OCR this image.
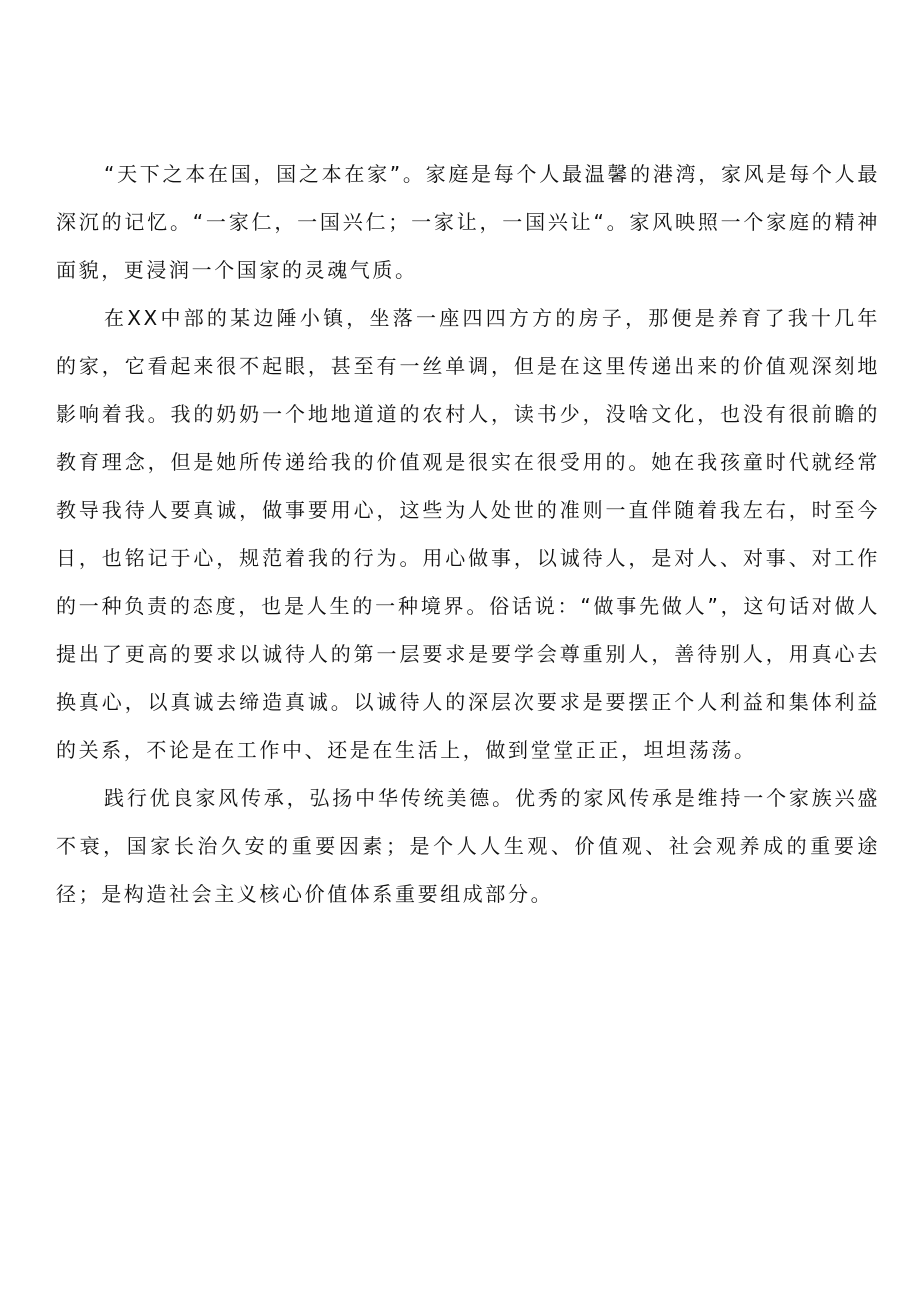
“天下之本在国，国之本在家”。家庭是每个人最温馨的港湾，家风是每个人最深沉的记忆。“一家仁，一国兴仁；一家让，一国兴让“。家风映照一个家庭的精神面貌，更浸润一个国家的灵魂气质。

在XX中部的某边陲小镇，坐落一座四四方方的房子，那便是养育了我十几年的家，它看起来很不起眼，甚至有一丝单调，但是在这里传递出来的价值观深刻地影响着我。我的奶奶一个地地道道的农村人，读书少，没啥文化，也没有很前瞻的教育理念，但是她所传递给我的价值观是很实在很受用的。她在我孩童时代就经常教导我待人要真诚，做事要用心，这些为人处世的准则一直伴随着我左右，时至今日，也铭记于心，规范着我的行为。用心做事，以诚待人，是对人、对事、对工作的一种负责的态度，也是人生的一种境界。俗话说：“做事先做人”，这句话对做人提出了更高的要求以诚待人的第一层要求是要学会尊重别人，善待别人，用真心去换真心，以真诚去缔造真诚。以诚待人的深层次要求是要摆正个人利益和集体利益的关系，不论是在工作中、还是在生活上，做到堂堂正正，坦坦荡荡。

践行优良家风传承，弘扬中华传统美德。优秀的家风传承是维持一个家族兴盛不衰，国家长治久安的重要因素；是个人人生观、价值观、社会观养成的重要途径；是构造社会主义核心价值体系重要组成部分。
